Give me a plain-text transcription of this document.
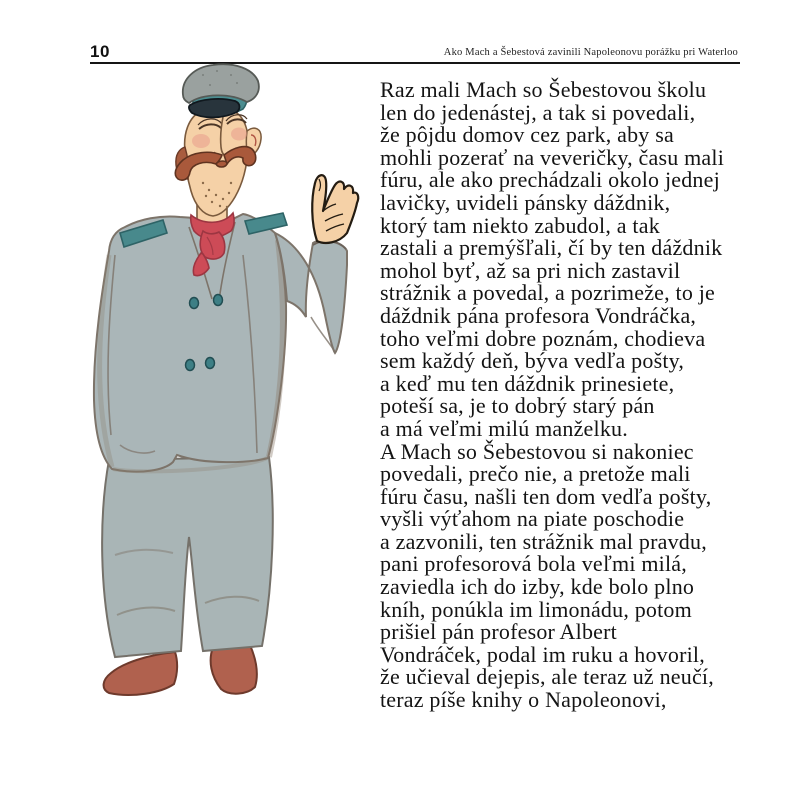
10	Ako Mach a Šebestová zavinili Napoleonovu porážku pri Waterloo
Raz mali Mach so Šebestovou školu
len do jedenástej, a tak si povedali,
že pôjdu domov cez park, aby sa
mohli pozerať na veveričky, času mali
fúru, ale ako prechádzali okolo jednej
lavičky, uvideli pánsky dáždnik,
ktorý tam niekto zabudol, a tak
zastali a premýšľali, čí by ten dáždnik
mohol byť, až sa pri nich zastavil
strážnik a povedal, a pozrimeže, to je
dáždnik pána profesora Vondráčka,
toho veľmi dobre poznám, chodieva
sem každý deň, býva vedľa pošty,
a keď mu ten dáždnik prinesiete,
poteší sa, je to dobrý starý pán
a má veľmi milú manželku.
A Mach so Šebestovou si nakoniec
povedali, prečo nie, a pretože mali
fúru času, našli ten dom vedľa pošty,
vyšli výťahom na piate poschodie
a zazvonili, ten strážnik mal pravdu,
pani profesorová bola veľmi milá,
zaviedla ich do izby, kde bolo plno
kníh, ponúkla im limonádu, potom
prišiel pán profesor Albert
Vondráček, podal im ruku a hovoril,
že učieval dejepis, ale teraz už neučí,
teraz píše knihy o Napoleonovi,
